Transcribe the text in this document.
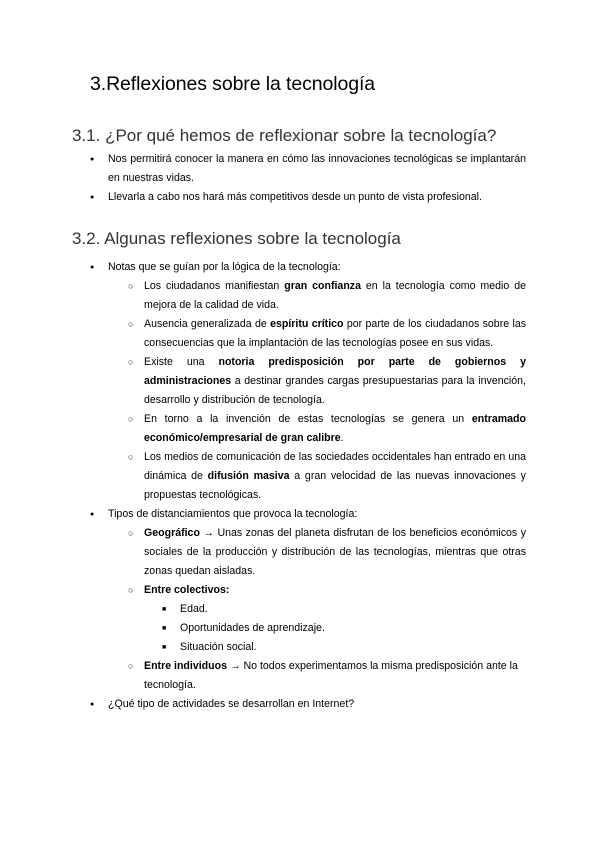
3.Reflexiones sobre la tecnología
3.1. ¿Por qué hemos de reflexionar sobre la tecnología?
● Nos permitirá conocer la manera en cómo las innovaciones tecnológicas se implantarán en nuestras vidas.
● Llevarla a cabo nos hará más competitivos desde un punto de vista profesional.
3.2. Algunas reflexiones sobre la tecnología
● Notas que se guían por la lógica de la tecnología:
○ Los ciudadanos manifiestan gran confianza en la tecnología como medio de mejora de la calidad de vida.
○ Ausencia generalizada de espíritu crítico por parte de los ciudadanos sobre las consecuencias que la implantación de las tecnologías posee en sus vidas.
○ Existe una notoria predisposición por parte de gobiernos y administraciones a destinar grandes cargas presupuestarias para la invención, desarrollo y distribución de tecnología.
○ En torno a la invención de estas tecnologías se genera un entramado económico/empresarial de gran calibre.
○ Los medios de comunicación de las sociedades occidentales han entrado en una dinámica de difusión masiva a gran velocidad de las nuevas innovaciones y propuestas tecnológicas.
● Tipos de distanciamientos que provoca la tecnología:
○ Geográfico → Unas zonas del planeta disfrutan de los beneficios económicos y sociales de la producción y distribución de las tecnologías, mientras que otras zonas quedan aisladas.
○ Entre colectivos:
■ Edad.
■ Oportunidades de aprendizaje.
■ Situación social.
○ Entre individuos → No todos experimentamos la misma predisposición ante la tecnología.
● ¿Qué tipo de actividades se desarrollan en Internet?
